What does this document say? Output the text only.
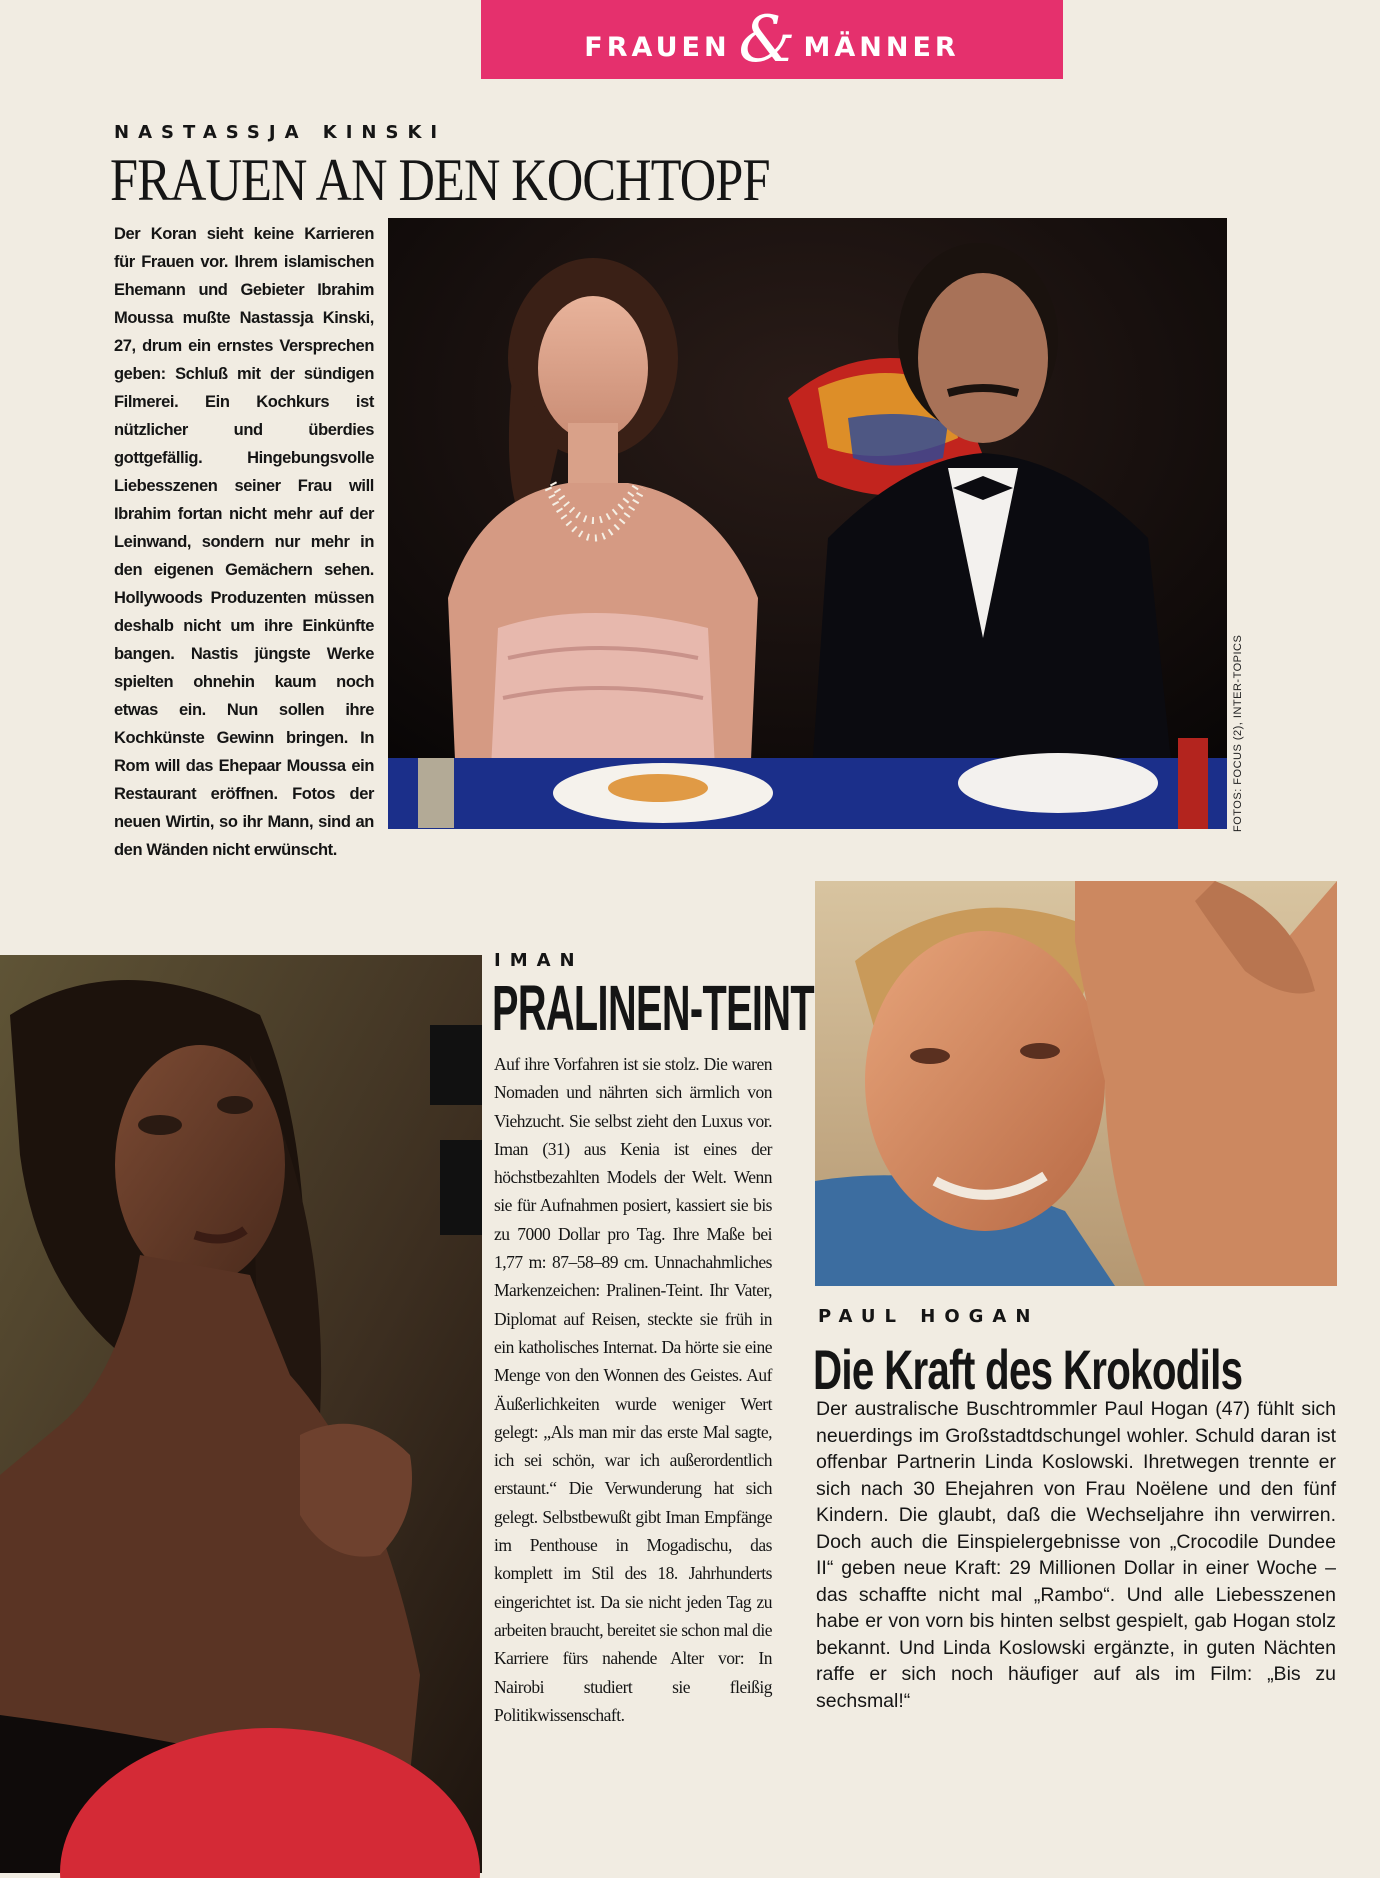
FRAUEN & MÄNNER
NASTASSJA KINSKI
FRAUEN AN DEN KOCHTOPF
Der Koran sieht keine Karrieren für Frauen vor. Ihrem islamischen Ehemann und Gebieter Ibrahim Moussa mußte Nastassja Kinski, 27, drum ein ernstes Versprechen geben: Schluß mit der sündigen Filmerei. Ein Kochkurs ist nützlicher und überdies gottgefällig. Hingebungsvolle Liebesszenen seiner Frau will Ibrahim fortan nicht mehr auf der Leinwand, sondern nur mehr in den eigenen Gemächern sehen. Hollywoods Produzenten müssen deshalb nicht um ihre Einkünfte bangen. Nastis jüngste Werke spielten ohnehin kaum noch etwas ein. Nun sollen ihre Kochkünste Gewinn bringen. In Rom will das Ehepaar Moussa ein Restaurant eröffnen. Fotos der neuen Wirtin, so ihr Mann, sind an den Wänden nicht erwünscht.
FOTOS: FOCUS (2), INTER-TOPICS
IMAN
PRALINEN-TEINT
Auf ihre Vorfahren ist sie stolz. Die waren Nomaden und nährten sich ärmlich von Viehzucht. Sie selbst zieht den Luxus vor. Iman (31) aus Kenia ist eines der höchstbezahlten Models der Welt. Wenn sie für Aufnahmen posiert, kassiert sie bis zu 7000 Dollar pro Tag. Ihre Maße bei 1,77 m: 87–58–89 cm. Unnachahmliches Markenzeichen: Pralinen-Teint. Ihr Vater, Diplomat auf Reisen, steckte sie früh in ein katholisches Internat. Da hörte sie eine Menge von den Wonnen des Geistes. Auf Äußerlichkeiten wurde weniger Wert gelegt: „Als man mir das erste Mal sagte, ich sei schön, war ich außerordentlich erstaunt.“ Die Verwunderung hat sich gelegt. Selbstbewußt gibt Iman Empfänge im Penthouse in Mogadischu, das komplett im Stil des 18. Jahrhunderts eingerichtet ist. Da sie nicht jeden Tag zu arbeiten braucht, bereitet sie schon mal die Karriere fürs nahende Alter vor: In Nairobi studiert sie fleißig Politikwissenschaft.
PAUL HOGAN
Die Kraft des Krokodils
Der australische Buschtrommler Paul Hogan (47) fühlt sich neuerdings im Großstadtdschungel wohler. Schuld daran ist offenbar Partnerin Linda Koslowski. Ihretwegen trennte er sich nach 30 Ehejahren von Frau Noëlene und den fünf Kindern. Die glaubt, daß die Wechseljahre ihn verwirren. Doch auch die Einspielergebnisse von „Crocodile Dundee II“ geben neue Kraft: 29 Millionen Dollar in einer Woche – das schaffte nicht mal „Rambo“. Und alle Liebesszenen habe er von vorn bis hinten selbst gespielt, gab Hogan stolz bekannt. Und Linda Koslowski ergänzte, in guten Nächten raffe er sich noch häufiger auf als im Film: „Bis zu sechsmal!“
